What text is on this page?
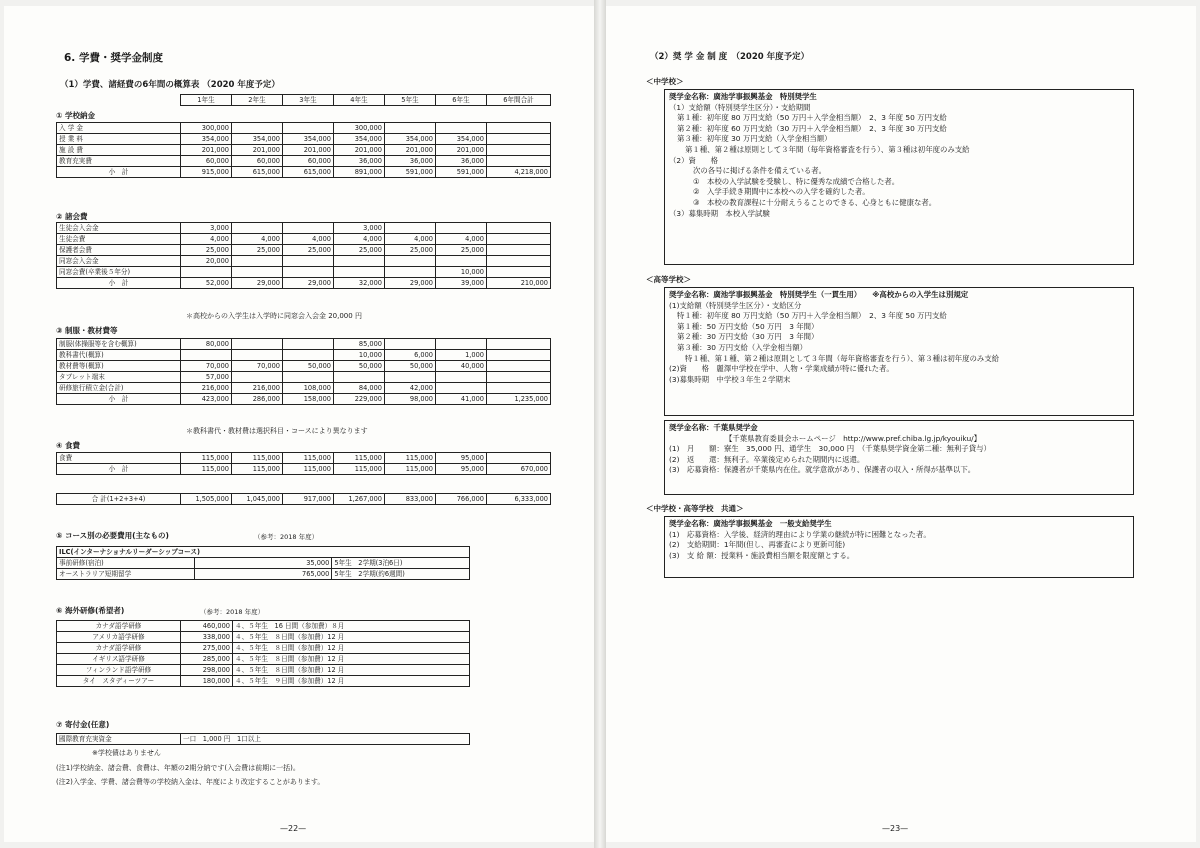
6. 学費・奨学金制度
（1）学費、諸経費の6年間の概算表 （2020 年度予定）
1年生	2年生	3年生	4年生	5年生	6年生	6年間合計
① 学校納金
入 学 金	300,000			300,000			
授 業 料	354,000	354,000	354,000	354,000	354,000	354,000	
施 設 費	201,000	201,000	201,000	201,000	201,000	201,000	
教育充実費	60,000	60,000	60,000	36,000	36,000	36,000	
小　計	915,000	615,000	615,000	891,000	591,000	591,000	4,218,000
② 諸会費
生徒会入会金	3,000			3,000			
生徒会費	4,000	4,000	4,000	4,000	4,000	4,000	
保護者会費	25,000	25,000	25,000	25,000	25,000	25,000	
同窓会入会金	20,000						
同窓会費(卒業後５年分)						10,000	
小　計	52,000	29,000	29,000	32,000	29,000	39,000	210,000
＊高校からの入学生は入学時に同窓会入会金 20,000 円
③ 制服・教材費等
制服(体操服等を含む概算)	80,000			85,000			
教科書代(概算)				10,000	6,000	1,000	
教材費等(概算)	70,000	70,000	50,000	50,000	50,000	40,000	
タブレット端末	57,000						
研修旅行積立金(合計)	216,000	216,000	108,000	84,000	42,000		
小　計	423,000	286,000	158,000	229,000	98,000	41,000	1,235,000
＊教科書代・教材費は選択科目・コースにより異なります
④ 食費
食費	115,000	115,000	115,000	115,000	115,000	95,000	
小　計	115,000	115,000	115,000	115,000	115,000	95,000	670,000
合 計(1+2+3+4)	1,505,000	1,045,000	917,000	1,267,000	833,000	766,000	6,333,000
⑤ コース別の必要費用(主なもの)	（参考：2018 年度）
ILC(インターナショナルリーダーシップコース)		
事前研修(宿泊)	35,000	5年生　2学期(3泊6日)
オーストラリア短期留学	765,000	5年生　2学期(約6週間)
⑥ 海外研修(希望者)	（参考：2018 年度）
カナダ語学研修	460,000	４、５年生　16 日間（参加費）８月
アメリカ語学研修	338,000	４、５年生　８日間（参加費）12 月
カナダ語学研修	275,000	４、５年生　８日間（参加費）12 月
イギリス語学研修	285,000	４、５年生　８日間（参加費）12 月
フィンランド語学研修	298,000	４、５年生　８日間（参加費）12 月
タイ　スタディーツアー	180,000	４、５年生　９日間（参加費）12 月
⑦ 寄付金(任意)
國際教育充実資金	一口　1,000 円　1口以上
※学校債はありません
(注1)学校納金、諸会費、食費は、年額の2期分納です(入会費は前期に一括)。
(注2)入学金、学費、諸会費等の学校納入金は、年度により改定することがあります。
—22—
（2）奨 学 金 制 度　（2020 年度予定）
＜中学校＞
奨学金名称：廣池学事振興基金　特別奨学生
（1）支給額（特別奨学生区分）・支給期間
第１種：初年度 80 万円支給（50 万円＋入学金相当額）　2、3 年度 50 万円支給
第２種：初年度 60 万円支給（30 万円＋入学金相当額）　2、3 年度 30 万円支給
第３種：初年度 30 万円支給（入学金相当額）
第１種、第２種は原則として３年間（毎年資格審査を行う）、第３種は初年度のみ支給
（2）資　　格
次の各号に掲げる条件を備えている者。
①　本校の入学試験を受験し、特に優秀な成績で合格した者。
②　入学手続き期間中に本校への入学を確約した者。
③　本校の教育課程に十分耐えうることのできる、心身ともに健康な者。
（3）募集時期　本校入学試験
＜高等学校＞
奨学金名称：廣池学事振興基金　特別奨学生（一貫生用）　　※高校からの入学生は別規定
(1)支給額（特別奨学生区分）・支給区分
特１種：初年度 80 万円支給（50 万円＋入学金相当額）　2、3 年度 50 万円支給
第１種：50 万円支給（50 万円　3 年間）
第２種：30 万円支給（30 万円　3 年間）
第３種：30 万円支給（入学金相当額）
特１種、第１種、第２種は原則として３年間（毎年資格審査を行う）、第３種は初年度のみ支給
(2)資　　格　麗澤中学校在学中、人物・学業成績が特に優れた者。
(3)募集時期　中学校３年生２学期末
奨学金名称：千葉県奨学金
【千葉県教育委員会ホームページ　http://www.pref.chiba.lg.jp/kyouiku/】
(1)　月　　額：寮生　35,000 円、通学生　30,000 円　（千葉県奨学資金第二種：無利子貸与）
(2)　返　　還：無利子。卒業後定められた期間内に返還。
(3)　応募資格：保護者が千葉県内在住。就学意欲があり、保護者の収入・所得が基準以下。
＜中学校・高等学校　共通＞
奨学金名称：廣池学事振興基金　一般支給奨学生
(1)　応募資格：入学後、経済的理由により学業の継続が特に困難となった者。
(2)　支給期間：1年間(但し、再審査により更新可能)
(3)　支 給 額：授業料・施設費相当額を限度額とする。
—23—
